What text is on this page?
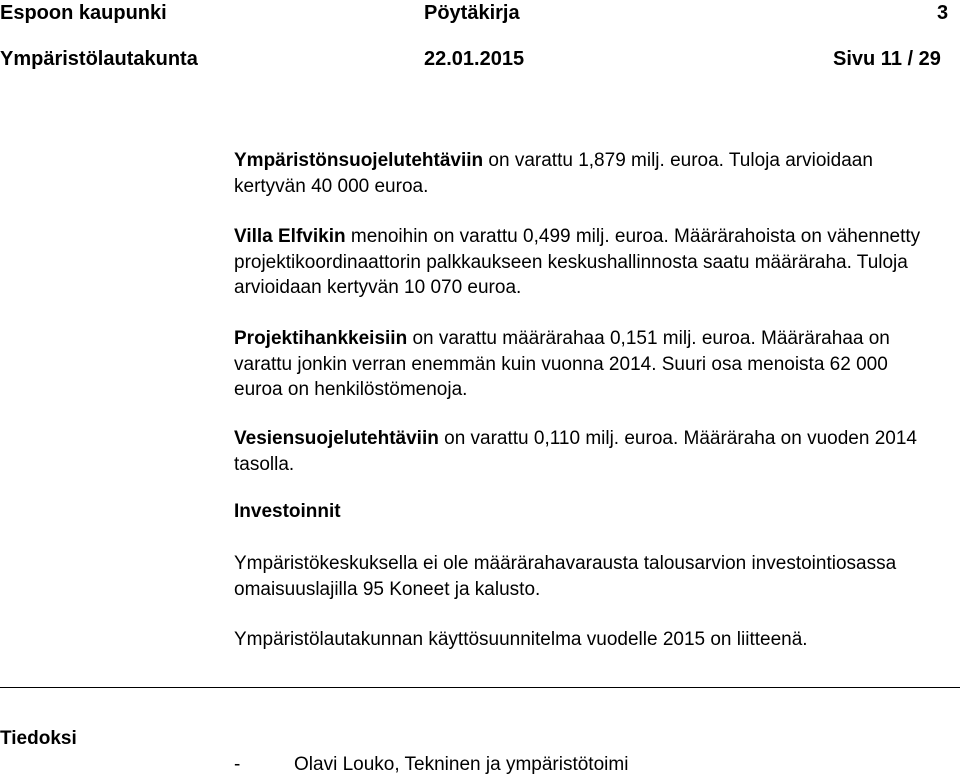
Espoon kaupunki	Pöytäkirja	3
Ympäristölautakunta	22.01.2015	Sivu 11 / 29
Ympäristönsuojelutehtäviin on varattu 1,879 milj. euroa. Tuloja arvioidaan kertyvän 40 000 euroa.
Villa Elfvikin menoihin on varattu 0,499 milj. euroa. Määrärahoista on vähennetty projektikoordinaattorin palkkaukseen keskushallinnosta saatu määräraha. Tuloja arvioidaan kertyvän 10 070 euroa.
Projektihankkeisiin on varattu määrärahaa 0,151 milj. euroa. Määrärahaa on varattu jonkin verran enemmän kuin vuonna 2014. Suuri osa menoista 62 000 euroa on henkilöstömenoja.
Vesiensuojelutehtäviin on varattu 0,110 milj. euroa. Määräraha on vuoden 2014 tasolla.
Investoinnit
Ympäristökeskuksella ei ole määrärahavarausta talousarvion investointiosassa omaisuuslajilla 95 Koneet ja kalusto.
Ympäristölautakunnan käyttösuunnitelma vuodelle 2015 on liitteenä.
Tiedoksi
-	Olavi Louko, Tekninen ja ympäristötoimi
